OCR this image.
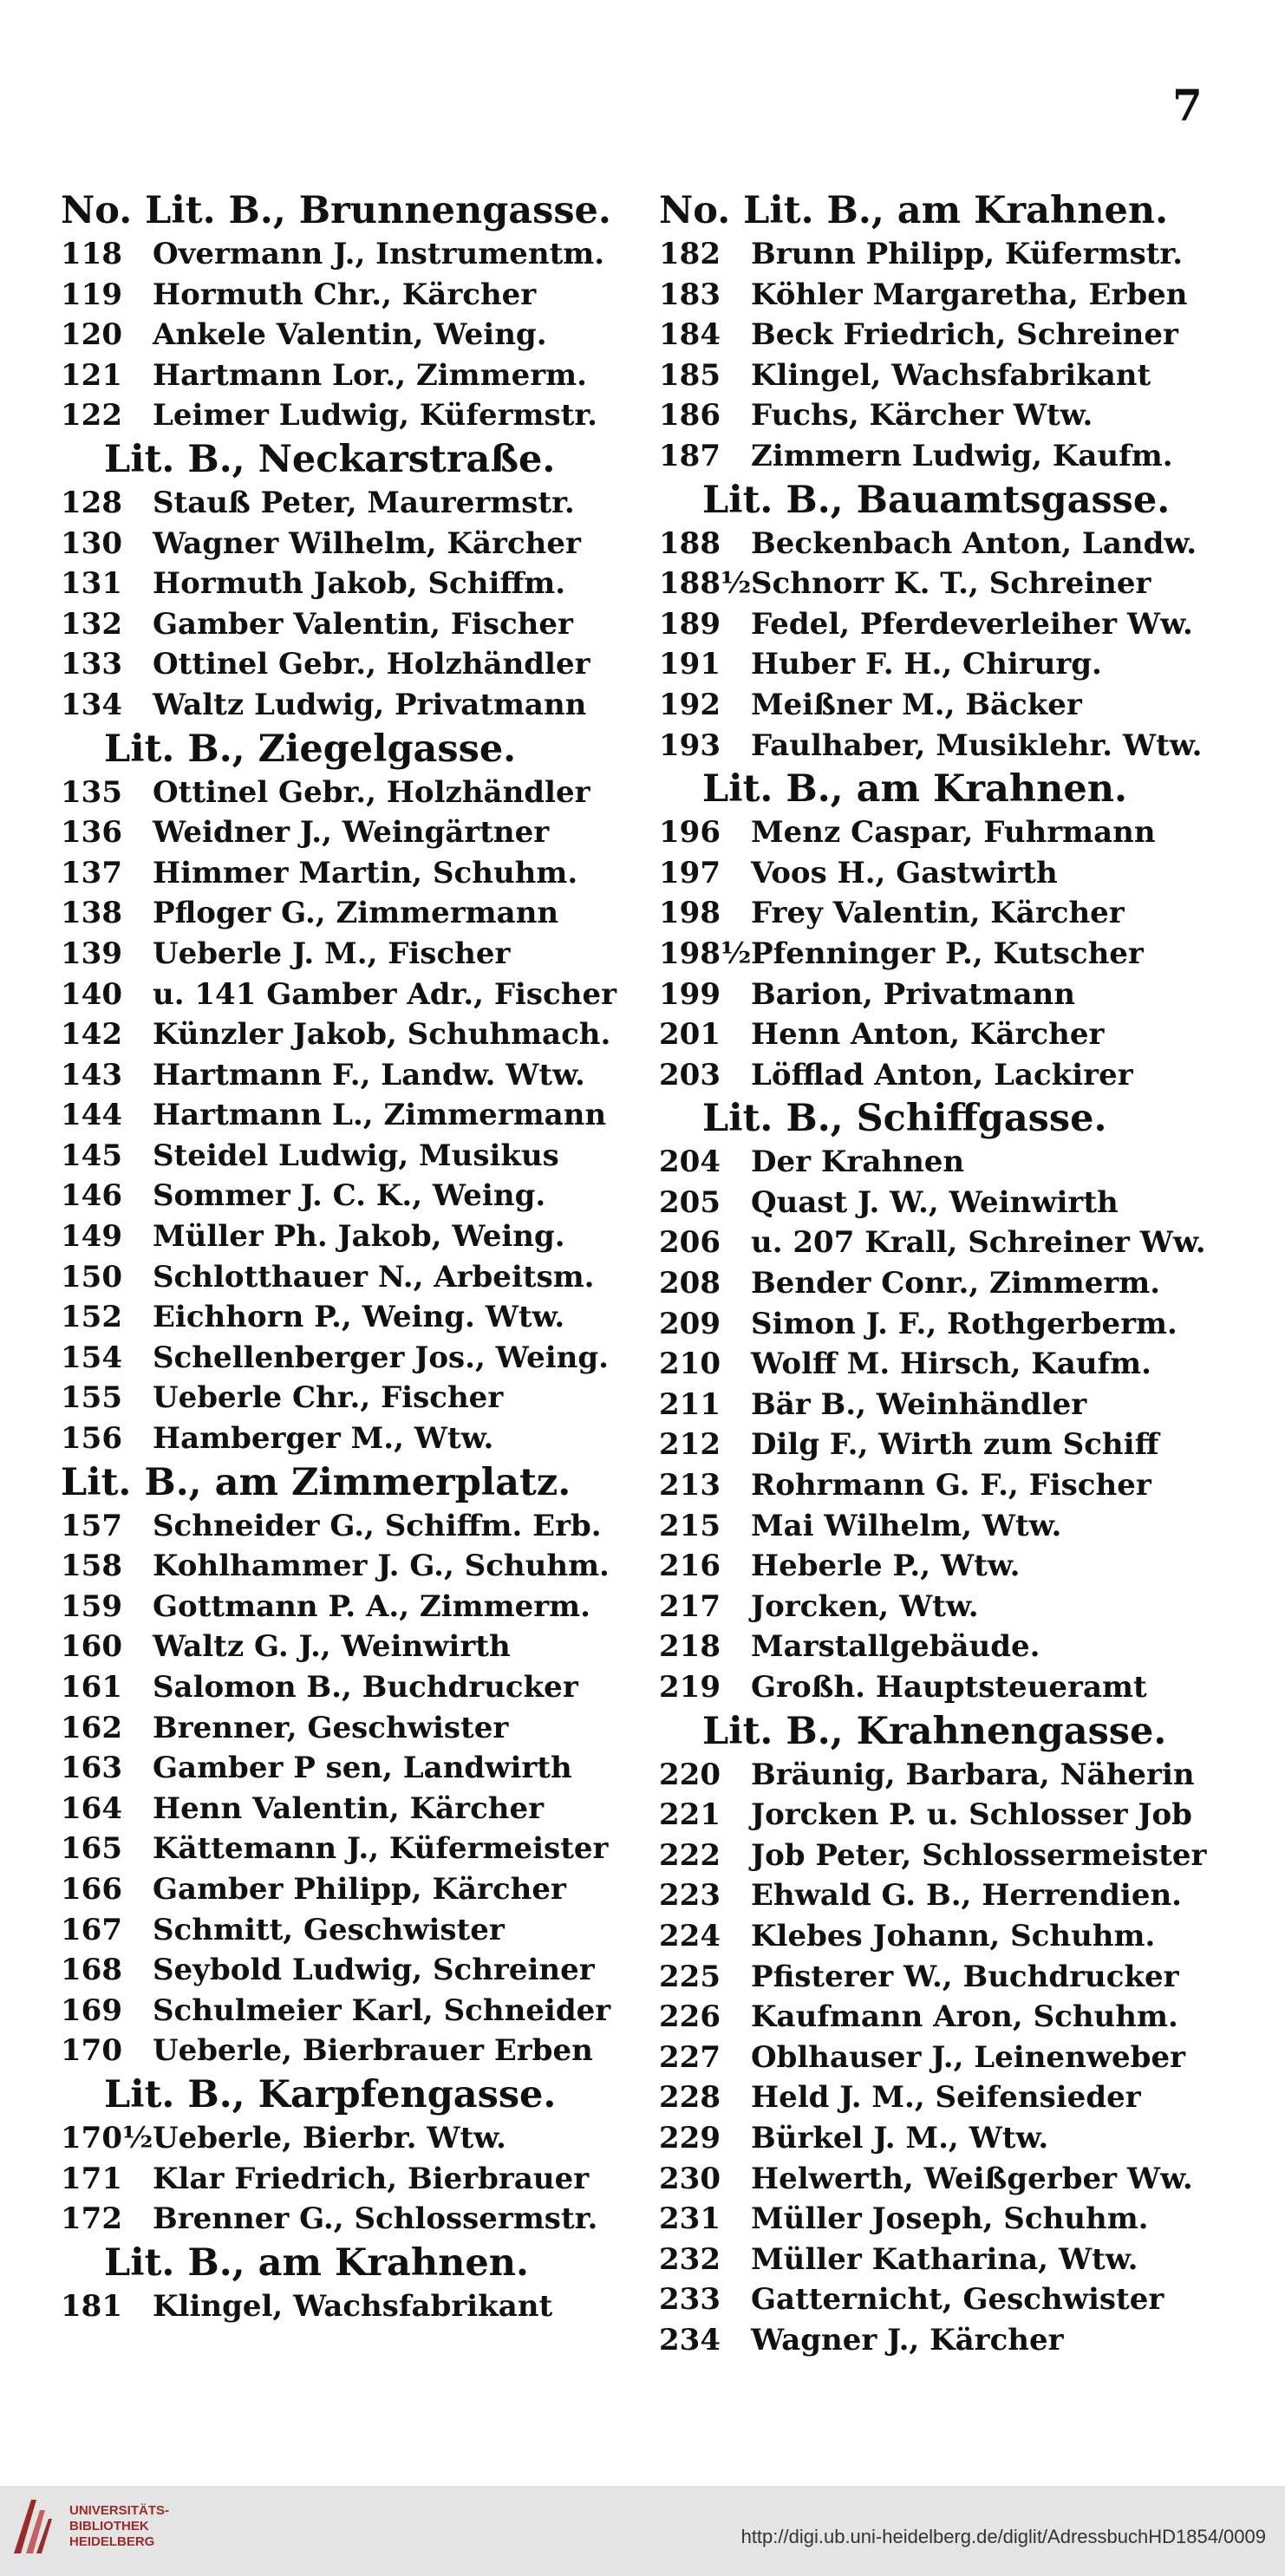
7
No. Lit. B., Brunnengasse.
118 Overmann J., Instrumentm.
119 Hormuth Chr., Kärcher
120 Ankele Valentin, Weing.
121 Hartmann Lor., Zimmerm.
122 Leimer Ludwig, Küfermstr.
Lit. B., Neckarstraße.
128 Stauß Peter, Maurermstr.
130 Wagner Wilhelm, Kärcher
131 Hormuth Jakob, Schiffm.
132 Gamber Valentin, Fischer
133 Ottinel Gebr., Holzhändler
134 Waltz Ludwig, Privatmann
Lit. B., Ziegelgasse.
135 Ottinel Gebr., Holzhändler
136 Weidner J., Weingärtner
137 Himmer Martin, Schuhm.
138 Pfloger G., Zimmermann
139 Ueberle J. M., Fischer
140 u. 141 Gamber Adr., Fischer
142 Künzler Jakob, Schuhmach.
143 Hartmann F., Landw. Wtw.
144 Hartmann L., Zimmermann
145 Steidel Ludwig, Musikus
146 Sommer J. C. K., Weing.
149 Müller Ph. Jakob, Weing.
150 Schlotthauer N., Arbeitsm.
152 Eichhorn P., Weing. Wtw.
154 Schellenberger Jos., Weing.
155 Ueberle Chr., Fischer
156 Hamberger M., Wtw.
Lit. B., am Zimmerplatz.
157 Schneider G., Schiffm. Erb.
158 Kohlhammer J. G., Schuhm.
159 Gottmann P. A., Zimmerm.
160 Waltz G. J., Weinwirth
161 Salomon B., Buchdrucker
162 Brenner, Geschwister
163 Gamber P sen, Landwirth
164 Henn Valentin, Kärcher
165 Kättemann J., Küfermeister
166 Gamber Philipp, Kärcher
167 Schmitt, Geschwister
168 Seybold Ludwig, Schreiner
169 Schulmeier Karl, Schneider
170 Ueberle, Bierbrauer Erben
Lit. B., Karpfengasse.
170½Ueberle, Bierbr. Wtw.
171 Klar Friedrich, Bierbrauer
172 Brenner G., Schlossermstr.
Lit. B., am Krahnen.
181 Klingel, Wachsfabrikant
No. Lit. B., am Krahnen.
182 Brunn Philipp, Küfermstr.
183 Köhler Margaretha, Erben
184 Beck Friedrich, Schreiner
185 Klingel, Wachsfabrikant
186 Fuchs, Kärcher Wtw.
187 Zimmern Ludwig, Kaufm.
Lit. B., Bauamtsgasse.
188 Beckenbach Anton, Landw.
188½Schnorr K. T., Schreiner
189 Fedel, Pferdeverleiher Ww.
191 Huber F. H., Chirurg.
192 Meißner M., Bäcker
193 Faulhaber, Musiklehr. Wtw.
Lit. B., am Krahnen.
196 Menz Caspar, Fuhrmann
197 Voos H., Gastwirth
198 Frey Valentin, Kärcher
198½Pfenninger P., Kutscher
199 Barion, Privatmann
201 Henn Anton, Kärcher
203 Löfflad Anton, Lackirer
Lit. B., Schiffgasse.
204 Der Krahnen
205 Quast J. W., Weinwirth
206 u. 207 Krall, Schreiner Ww.
208 Bender Conr., Zimmerm.
209 Simon J. F., Rothgerberm.
210 Wolff M. Hirsch, Kaufm.
211 Bär B., Weinhändler
212 Dilg F., Wirth zum Schiff
213 Rohrmann G. F., Fischer
215 Mai Wilhelm, Wtw.
216 Heberle P., Wtw.
217 Jorcken, Wtw.
218 Marstallgebäude.
219 Großh. Hauptsteueramt
Lit. B., Krahnengasse.
220 Bräunig, Barbara, Näherin
221 Jorcken P. u. Schlosser Job
222 Job Peter, Schlossermeister
223 Ehwald G. B., Herrendien.
224 Klebes Johann, Schuhm.
225 Pfisterer W., Buchdrucker
226 Kaufmann Aron, Schuhm.
227 Oblhauser J., Leinenweber
228 Held J. M., Seifensieder
229 Bürkel J. M., Wtw.
230 Helwerth, Weißgerber Ww.
231 Müller Joseph, Schuhm.
232 Müller Katharina, Wtw.
233 Gatternicht, Geschwister
234 Wagner J., Kärcher
UNIVERSITÄTS-
BIBLIOTHEK
HEIDELBERG	http://digi.ub.uni-heidelberg.de/diglit/AdressbuchHD1854/0009
